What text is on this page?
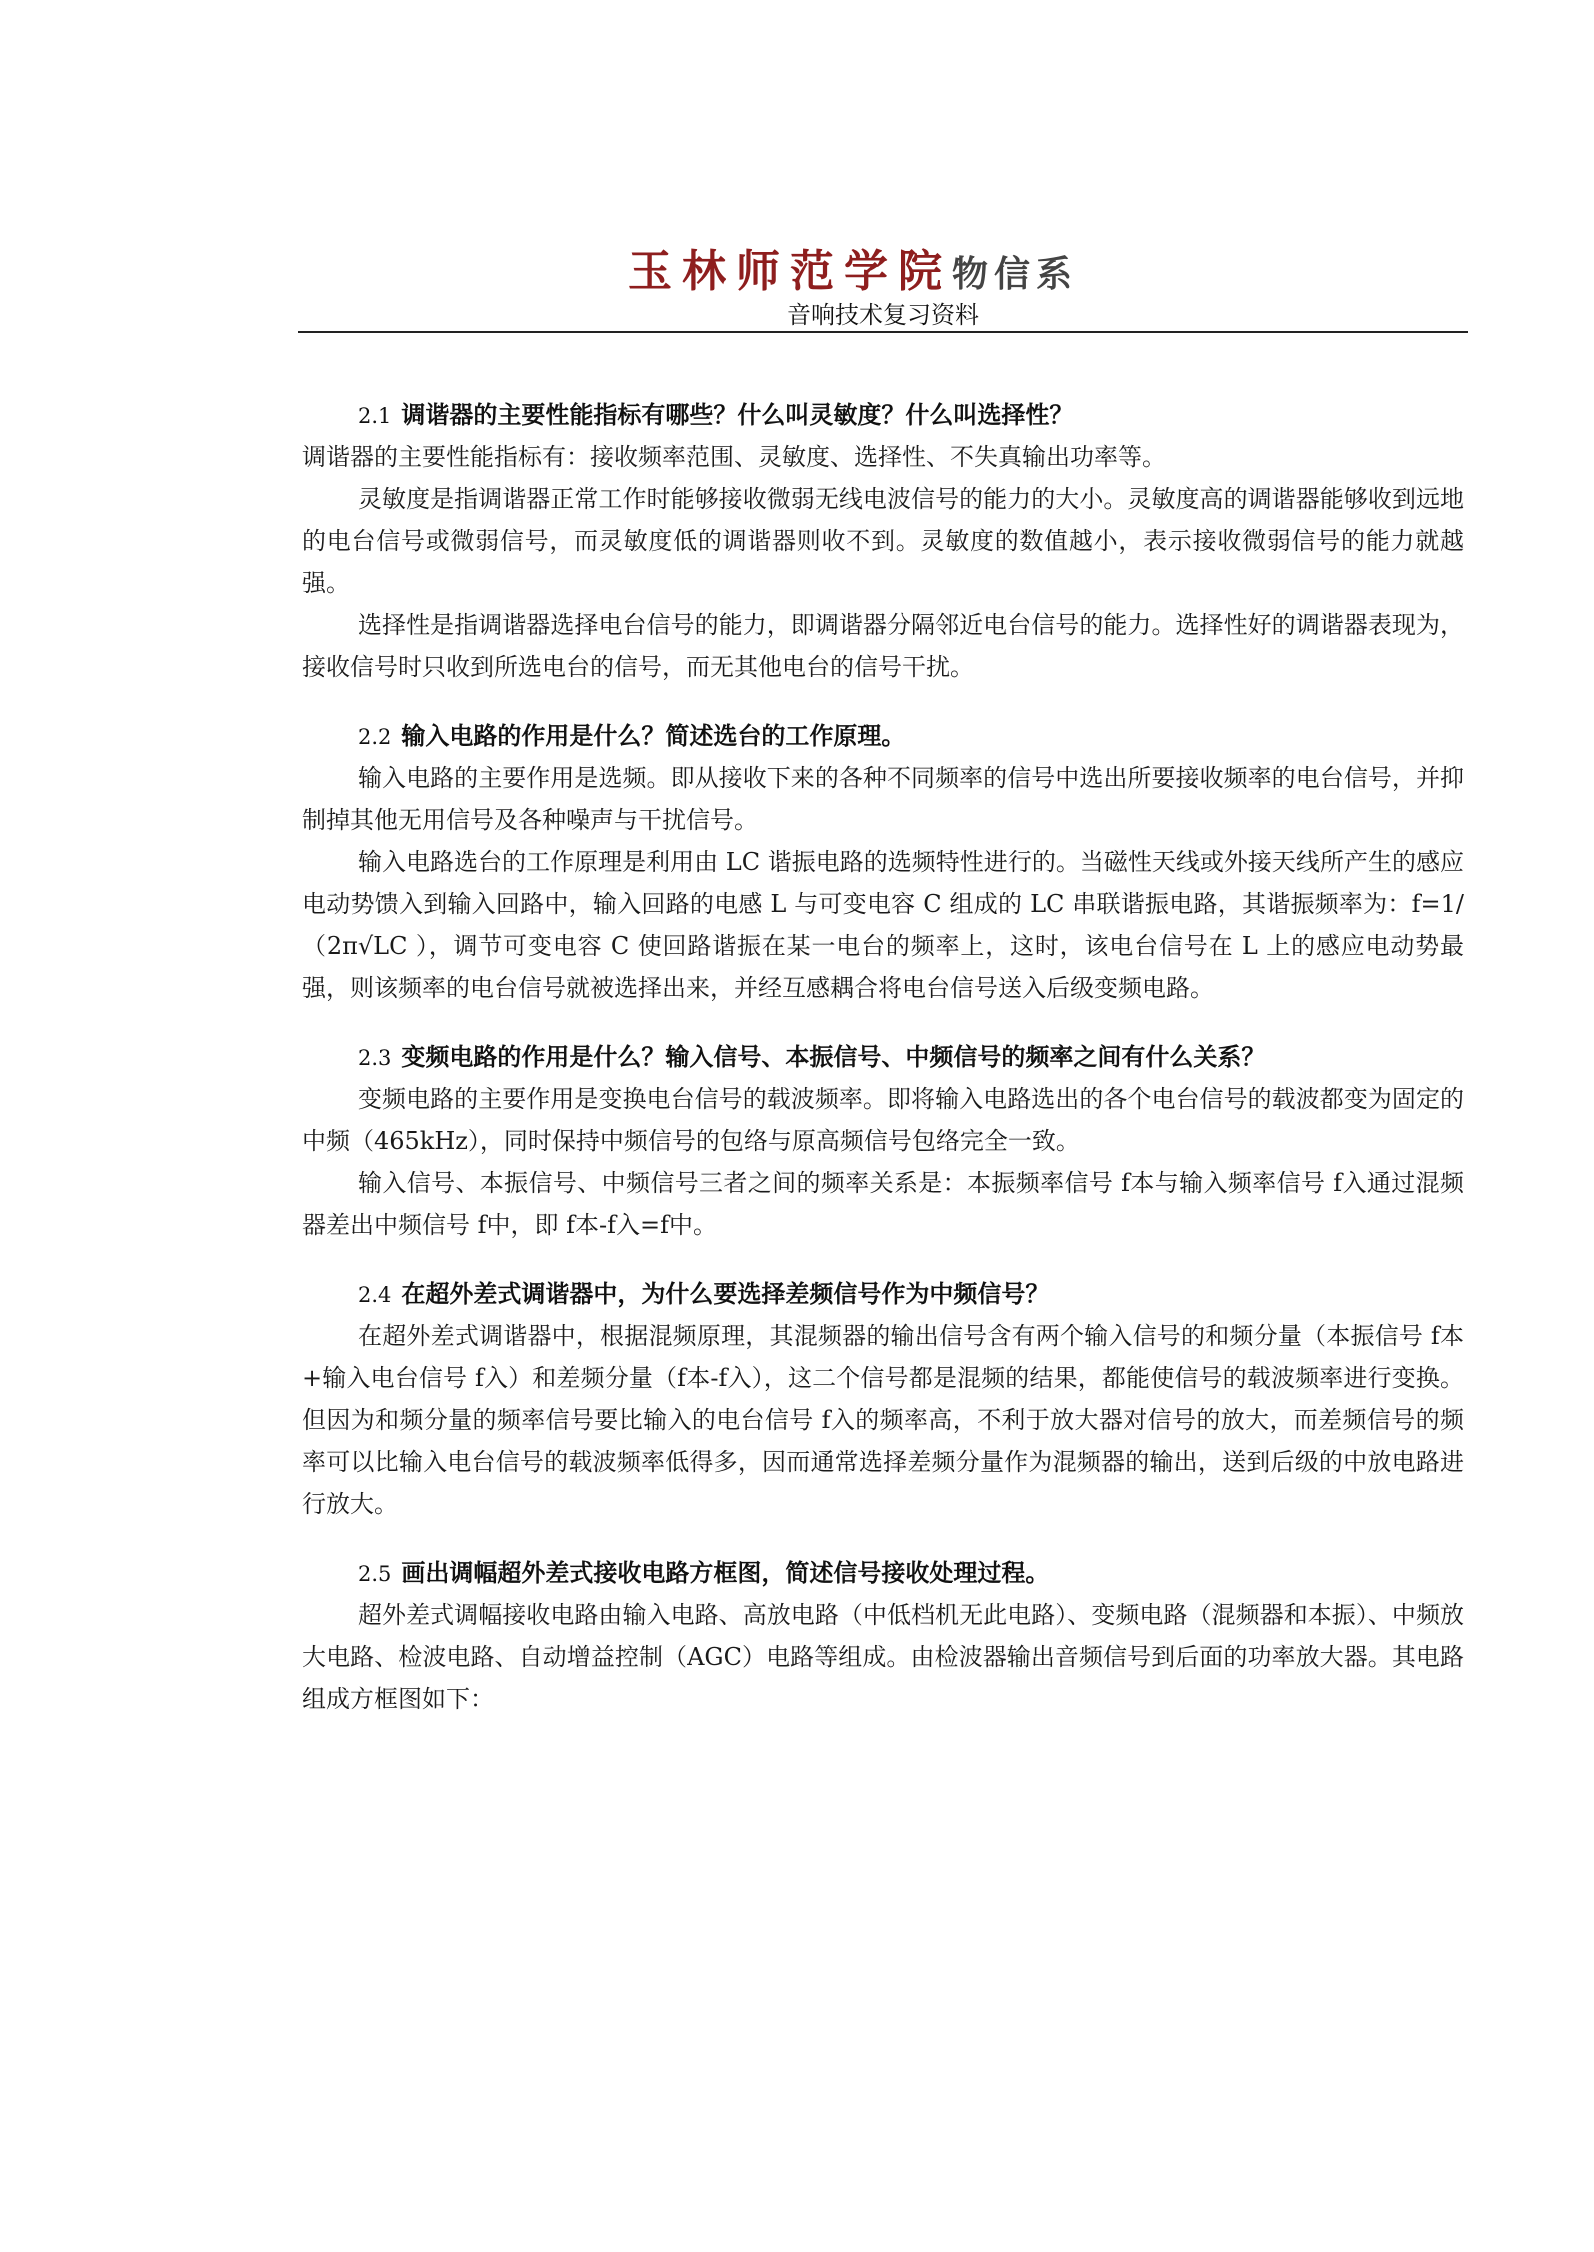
玉林师范学院物信系
音响技术复习资料

2.1 调谐器的主要性能指标有哪些？什么叫灵敏度？什么叫选择性？

调谐器的主要性能指标有：接收频率范围、灵敏度、选择性、不失真输出功率等。

灵敏度是指调谐器正常工作时能够接收微弱无线电波信号的能力的大小。灵敏度高的调谐器能够收到远地的电台信号或微弱信号，而灵敏度低的调谐器则收不到。灵敏度的数值越小，表示接收微弱信号的能力就越强。

选择性是指调谐器选择电台信号的能力，即调谐器分隔邻近电台信号的能力。选择性好的调谐器表现为，接收信号时只收到所选电台的信号，而无其他电台的信号干扰。

2.2 输入电路的作用是什么？简述选台的工作原理。

输入电路的主要作用是选频。即从接收下来的各种不同频率的信号中选出所要接收频率的电台信号，并抑制掉其他无用信号及各种噪声与干扰信号。

输入电路选台的工作原理是利用由 LC 谐振电路的选频特性进行的。当磁性天线或外接天线所产生的感应电动势馈入到输入回路中，输入回路的电感 L 与可变电容 C 组成的 LC 串联谐振电路，其谐振频率为：f=1/（2π√LC ），调节可变电容 C 使回路谐振在某一电台的频率上，这时，该电台信号在 L 上的感应电动势最强，则该频率的电台信号就被选择出来，并经互感耦合将电台信号送入后级变频电路。

2.3 变频电路的作用是什么？输入信号、本振信号、中频信号的频率之间有什么关系？

变频电路的主要作用是变换电台信号的载波频率。即将输入电路选出的各个电台信号的载波都变为固定的中频（465kHz），同时保持中频信号的包络与原高频信号包络完全一致。

输入信号、本振信号、中频信号三者之间的频率关系是：本振频率信号 f本与输入频率信号 f入通过混频器差出中频信号 f中，即 f本-f入=f中。

2.4 在超外差式调谐器中，为什么要选择差频信号作为中频信号？

在超外差式调谐器中，根据混频原理，其混频器的输出信号含有两个输入信号的和频分量（本振信号 f本+输入电台信号 f入）和差频分量（f本-f入），这二个信号都是混频的结果，都能使信号的载波频率进行变换。但因为和频分量的频率信号要比输入的电台信号 f入的频率高，不利于放大器对信号的放大，而差频信号的频率可以比输入电台信号的载波频率低得多，因而通常选择差频分量作为混频器的输出，送到后级的中放电路进行放大。

2.5 画出调幅超外差式接收电路方框图，简述信号接收处理过程。

超外差式调幅接收电路由输入电路、高放电路（中低档机无此电路）、变频电路（混频器和本振）、中频放大电路、检波电路、自动增益控制（AGC）电路等组成。由检波器输出音频信号到后面的功率放大器。其电路组成方框图如下：
